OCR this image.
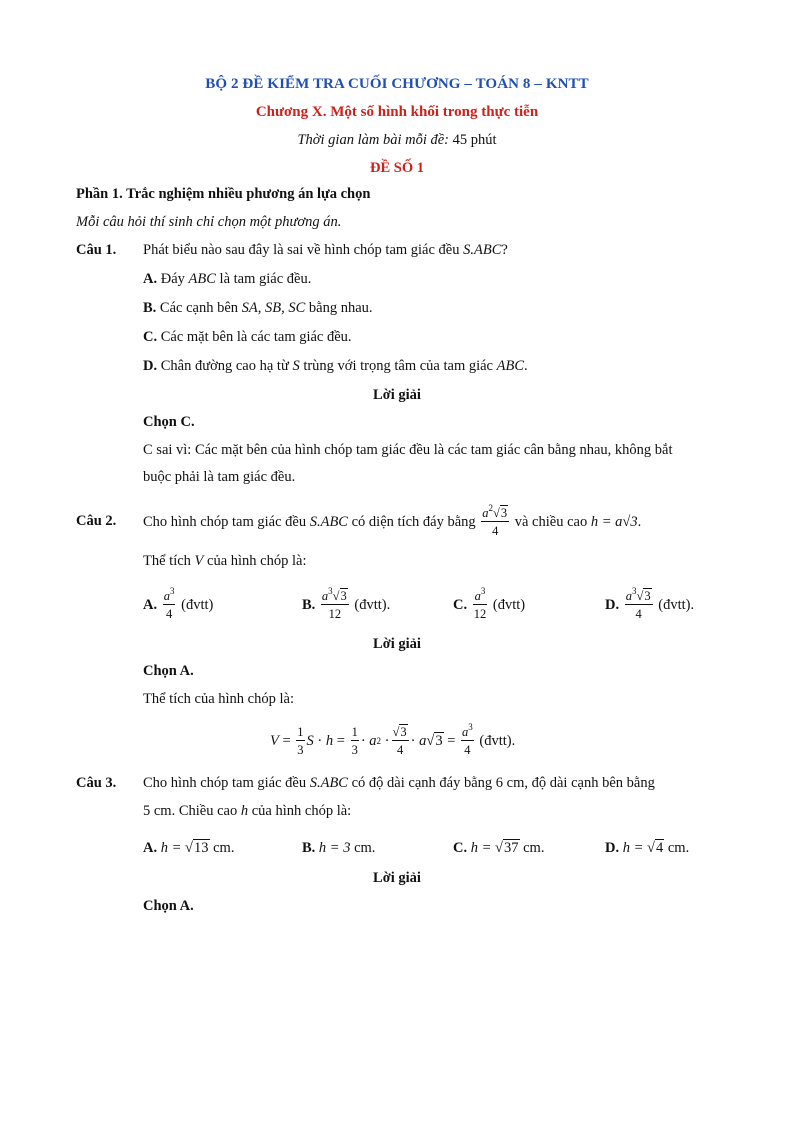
BỘ 2 ĐỀ KIỂM TRA CUỐI CHƯƠNG – TOÁN 8 – KNTT
Chương X. Một số hình khối trong thực tiễn
Thời gian làm bài mỗi đề: 45 phút
ĐỀ SỐ 1
Phần 1. Trắc nghiệm nhiều phương án lựa chọn
Mỗi câu hỏi thí sinh chỉ chọn một phương án.
Câu 1. Phát biểu nào sau đây là sai về hình chóp tam giác đều S.ABC?
A. Đáy ABC là tam giác đều.
B. Các cạnh bên SA, SB, SC bằng nhau.
C. Các mặt bên là các tam giác đều.
D. Chân đường cao hạ từ S trùng với trọng tâm của tam giác ABC.
Lời giải
Chọn C.
C sai vì: Các mặt bên của hình chóp tam giác đều là các tam giác cân bằng nhau, không bắt
buộc phải là tam giác đều.
Câu 2. Cho hình chóp tam giác đều
S.ABC
có diện tích đáy bằng
$\frac{a^2√3}{4}$
và chiều cao
h = a√3 .
Thể tích V của hình chóp là:
A.
$\frac{a^3}{4}$
(đvtt)	B.
$\frac{a^3√3}{12}$
(đvtt).	C.
$\frac{a^3}{12}$
(đvtt)	D.
$\frac{a^3√3}{4}$
(đvtt).
Lời giải
Chọn A.
Thể tích của hình chóp là:
$V = \frac{1}{3}$ $S \cdot h = \frac{1}{3} \cdot a$ $2 \cdot \frac{√3}{4} \cdot a$ √ $3 = \frac{a^3}{4}$
(đvtt).
Câu 3. Cho hình chóp tam giác đều S.ABC có độ dài cạnh đáy bằng 6 cm, độ dài cạnh bên bằng
5 cm. Chiều cao h của hình chóp là:
A. h = √13 cm.	B. h = 3 cm.	C. h = √37 cm.	D. h = √4 cm.
Lời giải
Chọn A.
